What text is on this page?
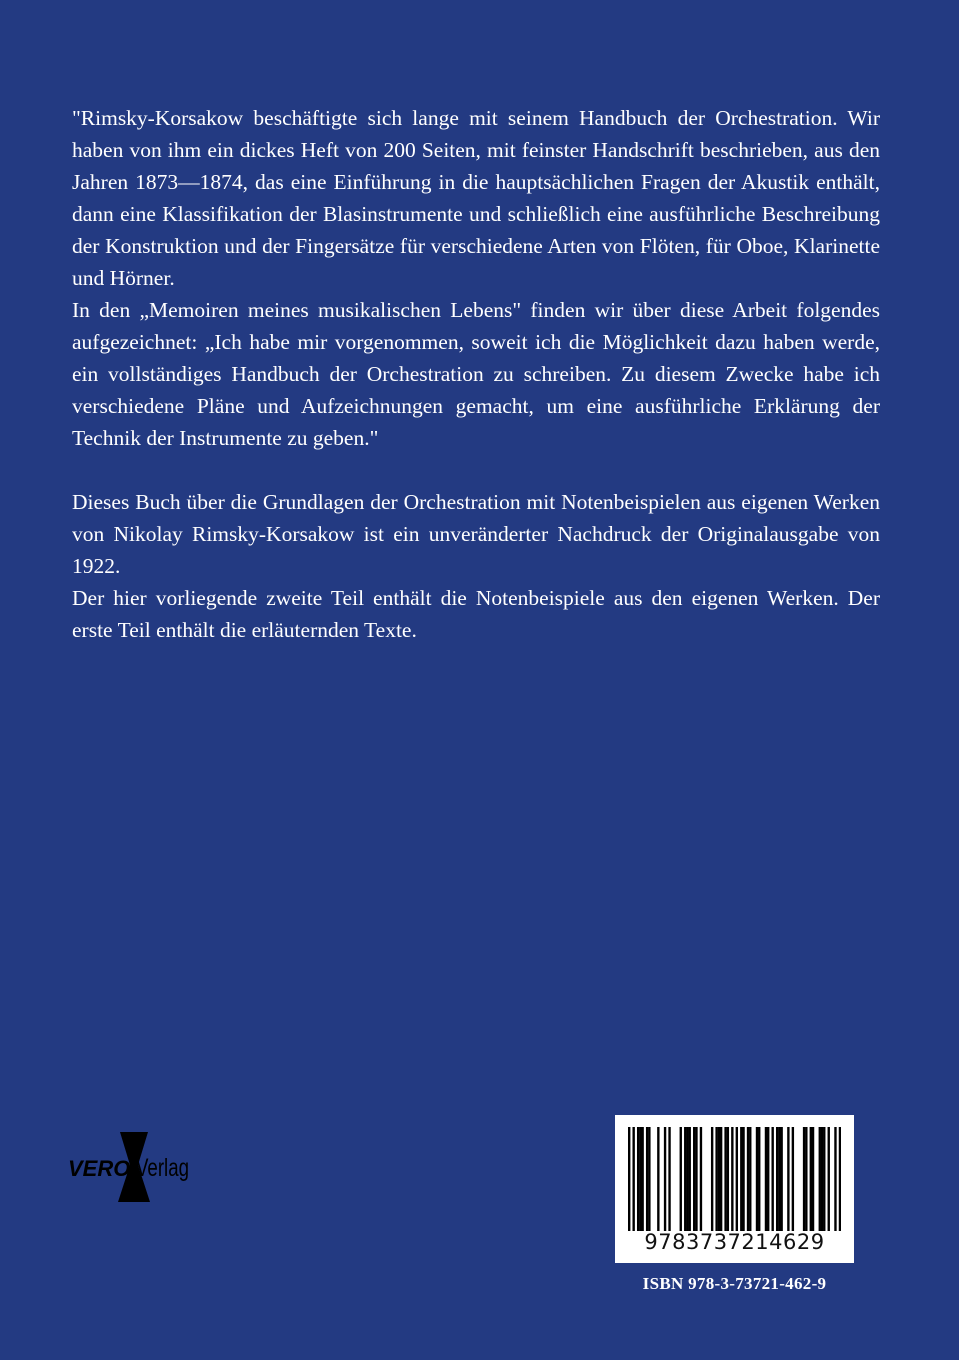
"Rimsky-Korsakow beschäftigte sich lange mit seinem Handbuch der Orchestration. Wir haben von ihm ein dickes Heft von 200 Seiten, mit feinster Handschrift beschrieben, aus den Jahren 1873—1874, das eine Einführung in die hauptsächlichen Fragen der Akustik enthält, dann eine Klassifikation der Blasinstrumente und schließlich eine ausführliche Beschreibung der Konstruktion und der Fingersätze für verschiedene Arten von Flöten, für Oboe, Klarinette und Hörner.

In den „Memoiren meines musikalischen Lebens" finden wir über diese Arbeit folgendes aufgezeichnet: „Ich habe mir vorgenommen, soweit ich die Möglichkeit dazu haben werde, ein vollständiges Handbuch der Orchestration zu schreiben. Zu diesem Zwecke habe ich verschiedene Pläne und Aufzeichnungen gemacht, um eine ausführliche Erklärung der Technik der Instrumente zu geben."

Dieses Buch über die Grundlagen der Orchestration mit Notenbeispielen aus eigenen Werken von Nikolay Rimsky-Korsakow ist ein unveränderter Nachdruck der Originalausgabe von 1922.

Der hier vorliegende zweite Teil enthält die Notenbeispiele aus den eigenen Werken. Der erste Teil enthält die erläuternden Texte.

VERO Verlag
9783737214629
ISBN 978-3-73721-462-9
